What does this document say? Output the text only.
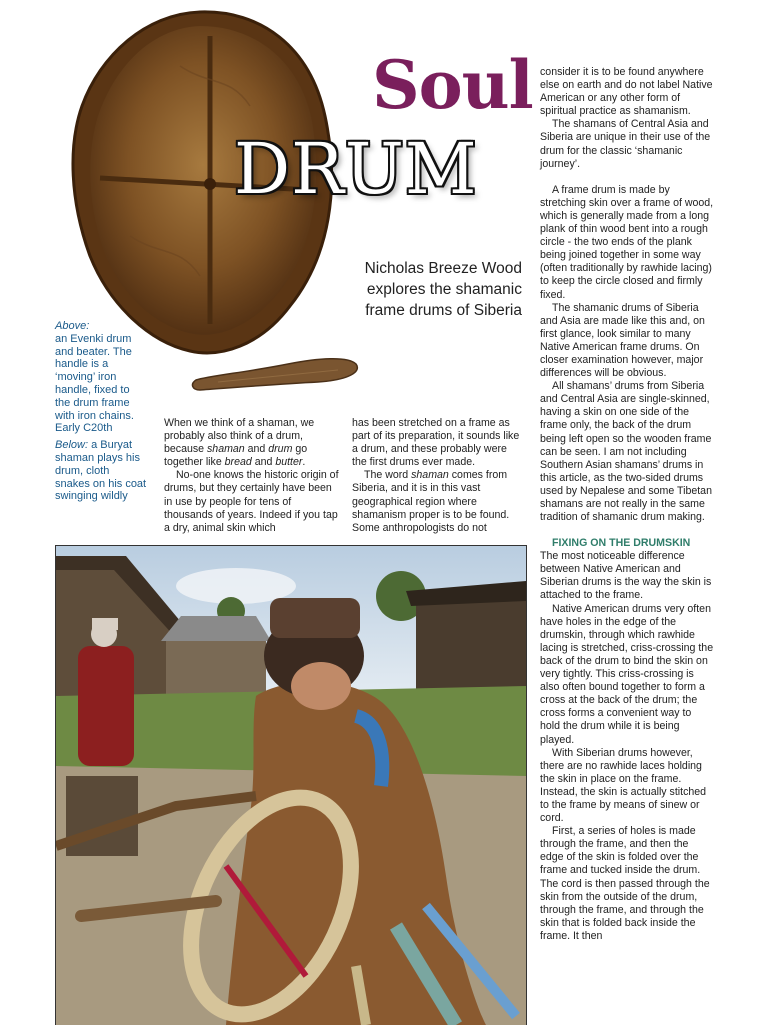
Soul
DRUM
Nicholas Breeze Wood explores the shamanic frame drums of Siberia

Above:
an Evenki drum and beater. The handle is a ‘moving’ iron handle, fixed to the drum frame with iron chains. Early C20th

Below: a Buryat shaman plays his drum, cloth snakes on his coat swinging wildly

When we think of a shaman, we probably also think of a drum, because shaman and drum go together like bread and butter.

No-one knows the historic origin of drums, but they certainly have been in use by people for tens of thousands of years. Indeed if you tap a dry, animal skin which

has been stretched on a frame as part of its preparation, it sounds like a drum, and these probably were the first drums ever made.

The word shaman comes from Siberia, and it is in this vast geographical region where shamanism proper is to be found. Some anthropologists do not

consider it is to be found anywhere else on earth and do not label Native American or any other form of spiritual practice as shamanism.

The shamans of Central Asia and Siberia are unique in their use of the drum for the classic ‘shamanic journey’.

A frame drum is made by stretching skin over a frame of wood, which is generally made from a long plank of thin wood bent into a rough circle - the two ends of the plank being joined together in some way (often traditionally by rawhide lacing) to keep the circle closed and firmly fixed.

The shamanic drums of Siberia and Asia are made like this and, on first glance, look similar to many Native American frame drums. On closer examination however, major differences will be obvious.

All shamans’ drums from Siberia and Central Asia are single-skinned, having a skin on one side of the frame only, the back of the drum being left open so the wooden frame can be seen. I am not including Southern Asian shamans’ drums in this article, as the two-sided drums used by Nepalese and some Tibetan shamans are not really in the same tradition of shamanic drum making.

FIXING ON THE DRUMSKIN

The most noticeable difference between Native American and Siberian drums is the way the skin is attached to the frame.

Native American drums very often have holes in the edge of the drumskin, through which rawhide lacing is stretched, criss-crossing the back of the drum to bind the skin on very tightly. This criss-crossing is also often bound together to form a cross at the back of the drum; the cross forms a convenient way to hold the drum while it is being played.

With Siberian drums however, there are no rawhide laces holding the skin in place on the frame. Instead, the skin is actually stitched to the frame by means of sinew or cord.

First, a series of holes is made through the frame, and then the edge of the skin is folded over the frame and tucked inside the drum. The cord is then passed through the skin from the outside of the drum, through the frame, and through the skin that is folded back inside the frame. It then
